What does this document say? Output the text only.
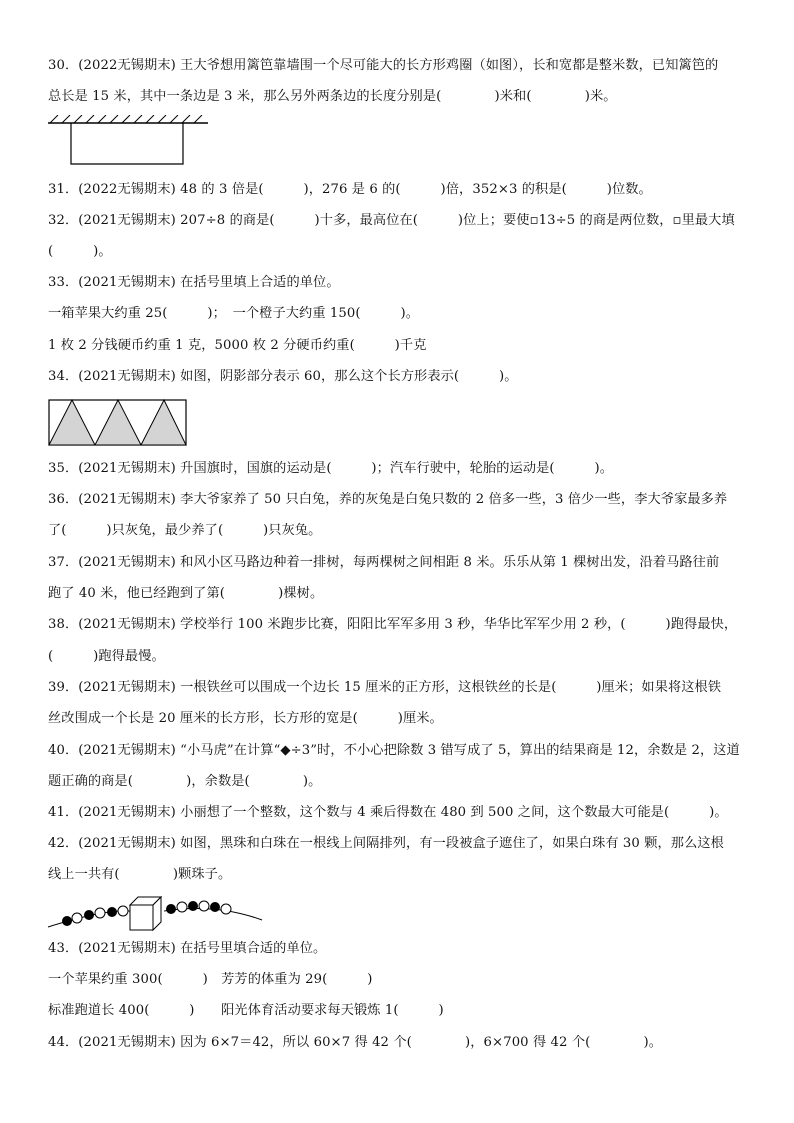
30．(2022无锡期末) 王大爷想用篱笆靠墙围一个尽可能大的长方形鸡圈（如图），长和宽都是整米数，已知篱笆的
总长是 15 米，其中一条边是 3 米，那么另外两条边的长度分别是(　　　　)米和(　　　　)米。
31．(2022无锡期末) 48 的 3 倍是(　　　)，276 是 6 的(　　　)倍，352×3 的积是(　　　)位数。
32．(2021无锡期末) 207÷8 的商是(　　　)十多，最高位在(　　　)位上；要使▫13÷5 的商是两位数，▫里最大填
(　　　)。
33．(2021无锡期末) 在括号里填上合适的单位。
一箱苹果大约重 25(　　　)；　一个橙子大约重 150(　　　)。
1 枚 2 分钱硬币约重 1 克，5000 枚 2 分硬币约重(　　　)千克
34．(2021无锡期末) 如图，阴影部分表示 60，那么这个长方形表示(　　　)。
35．(2021无锡期末) 升国旗时，国旗的运动是(　　　)；汽车行驶中，轮胎的运动是(　　　)。
36．(2021无锡期末) 李大爷家养了 50 只白兔，养的灰兔是白兔只数的 2 倍多一些，3 倍少一些，李大爷家最多养
了(　　　)只灰兔，最少养了(　　　)只灰兔。
37．(2021无锡期末) 和风小区马路边种着一排树，每两棵树之间相距 8 米。乐乐从第 1 棵树出发，沿着马路往前
跑了 40 米，他已经跑到了第(　　　　)棵树。
38．(2021无锡期末) 学校举行 100 米跑步比赛，阳阳比军军多用 3 秒，华华比军军少用 2 秒，(　　　)跑得最快，
(　　　)跑得最慢。
39．(2021无锡期末) 一根铁丝可以围成一个边长 15 厘米的正方形，这根铁丝的长是(　　　)厘米；如果将这根铁
丝改围成一个长是 20 厘米的长方形，长方形的宽是(　　　)厘米。
40．(2021无锡期末) “小马虎”在计算“◆÷3”时，不小心把除数 3 错写成了 5，算出的结果商是 12，余数是 2，这道
题正确的商是(　　　　)，余数是(　　　　)。
41．(2021无锡期末) 小丽想了一个整数，这个数与 4 乘后得数在 480 到 500 之间，这个数最大可能是(　　　)。
42．(2021无锡期末) 如图，黑珠和白珠在一根线上间隔排列，有一段被盒子遮住了，如果白珠有 30 颗，那么这根
线上一共有(　　　　)颗珠子。
43．(2021无锡期末) 在括号里填合适的单位。
一个苹果约重 300(　　　)　芳芳的体重为 29(　　　)
标准跑道长 400(　　　)　　阳光体育活动要求每天锻炼 1(　　　)
44．(2021无锡期末) 因为 6×7＝42，所以 60×7 得 42 个(　　　　)，6×700 得 42 个(　　　　)。
